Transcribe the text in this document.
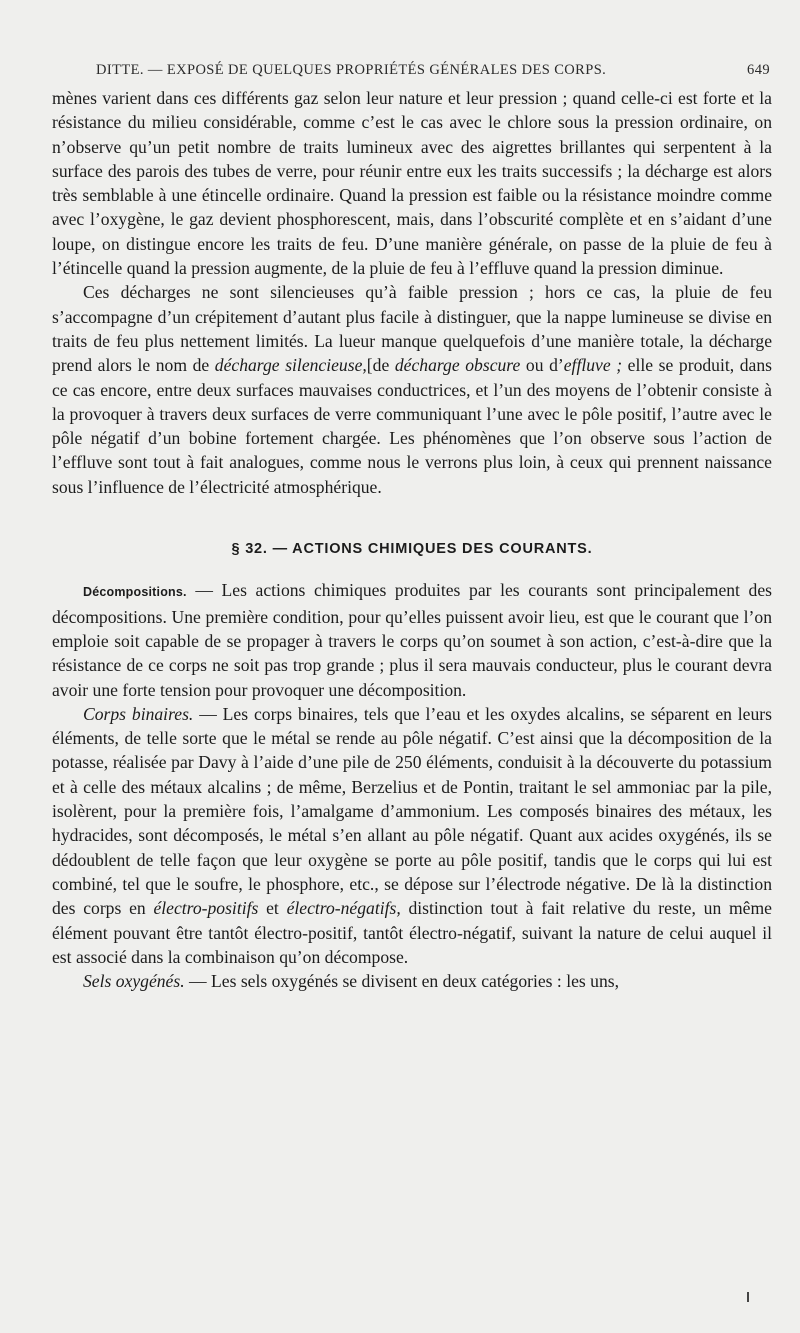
DITTE. — EXPOSÉ DE QUELQUES PROPRIÉTÉS GÉNÉRALES DES CORPS.	649

mènes varient dans ces différents gaz selon leur nature et leur pression ; quand celle-ci est forte et la résistance du milieu considérable, comme c’est le cas avec le chlore sous la pression ordinaire, on n’observe qu’un petit nombre de traits lumineux avec des aigrettes brillantes qui serpentent à la surface des parois des tubes de verre, pour réunir entre eux les traits successifs ; la décharge est alors très semblable à une étincelle ordinaire. Quand la pression est faible ou la résistance moindre comme avec l’oxygène, le gaz devient phosphorescent, mais, dans l’obscurité complète et en s’aidant d’une loupe, on distingue encore les traits de feu. D’une manière générale, on passe de la pluie de feu à l’étincelle quand la pression augmente, de la pluie de feu à l’effluve quand la pression diminue.

Ces décharges ne sont silencieuses qu’à faible pression ; hors ce cas, la pluie de feu s’accompagne d’un crépitement d’autant plus facile à distinguer, que la nappe lumineuse se divise en traits de feu plus nettement limités. La lueur manque quelquefois d’une manière totale, la décharge prend alors le nom de décharge silencieuse,[de décharge obscure ou d’effluve ; elle se produit, dans ce cas encore, entre deux surfaces mauvaises conductrices, et l’un des moyens de l’obtenir consiste à la provoquer à travers deux surfaces de verre communiquant l’une avec le pôle positif, l’autre avec le pôle négatif d’un bobine fortement chargée. Les phénomènes que l’on observe sous l’action de l’effluve sont tout à fait analogues, comme nous le verrons plus loin, à ceux qui prennent naissance sous l’influence de l’électricité atmosphérique.

§ 32. — ACTIONS CHIMIQUES DES COURANTS.

Décompositions. — Les actions chimiques produites par les courants sont principalement des décompositions. Une première condition, pour qu’elles puissent avoir lieu, est que le courant que l’on emploie soit capable de se propager à travers le corps qu’on soumet à son action, c’est-à-dire que la résistance de ce corps ne soit pas trop grande ; plus il sera mauvais conducteur, plus le courant devra avoir une forte tension pour provoquer une décomposition.

Corps binaires. — Les corps binaires, tels que l’eau et les oxydes alcalins, se séparent en leurs éléments, de telle sorte que le métal se rende au pôle négatif. C’est ainsi que la décomposition de la potasse, réalisée par Davy à l’aide d’une pile de 250 éléments, conduisit à la découverte du potassium et à celle des métaux alcalins ; de même, Berzelius et de Pontin, traitant le sel ammoniac par la pile, isolèrent, pour la première fois, l’amalgame d’ammonium. Les composés binaires des métaux, les hydracides, sont décomposés, le métal s’en allant au pôle négatif. Quant aux acides oxygénés, ils se dédoublent de telle façon que leur oxygène se porte au pôle positif, tandis que le corps qui lui est combiné, tel que le soufre, le phosphore, etc., se dépose sur l’électrode négative. De là la distinction des corps en électro-positifs et électro-négatifs, distinction tout à fait relative du reste, un même élément pouvant être tantôt électro-positif, tantôt électro-négatif, suivant la nature de celui auquel il est associé dans la combinaison qu’on décompose.

Sels oxygénés. — Les sels oxygénés se divisent en deux catégories : les uns,
